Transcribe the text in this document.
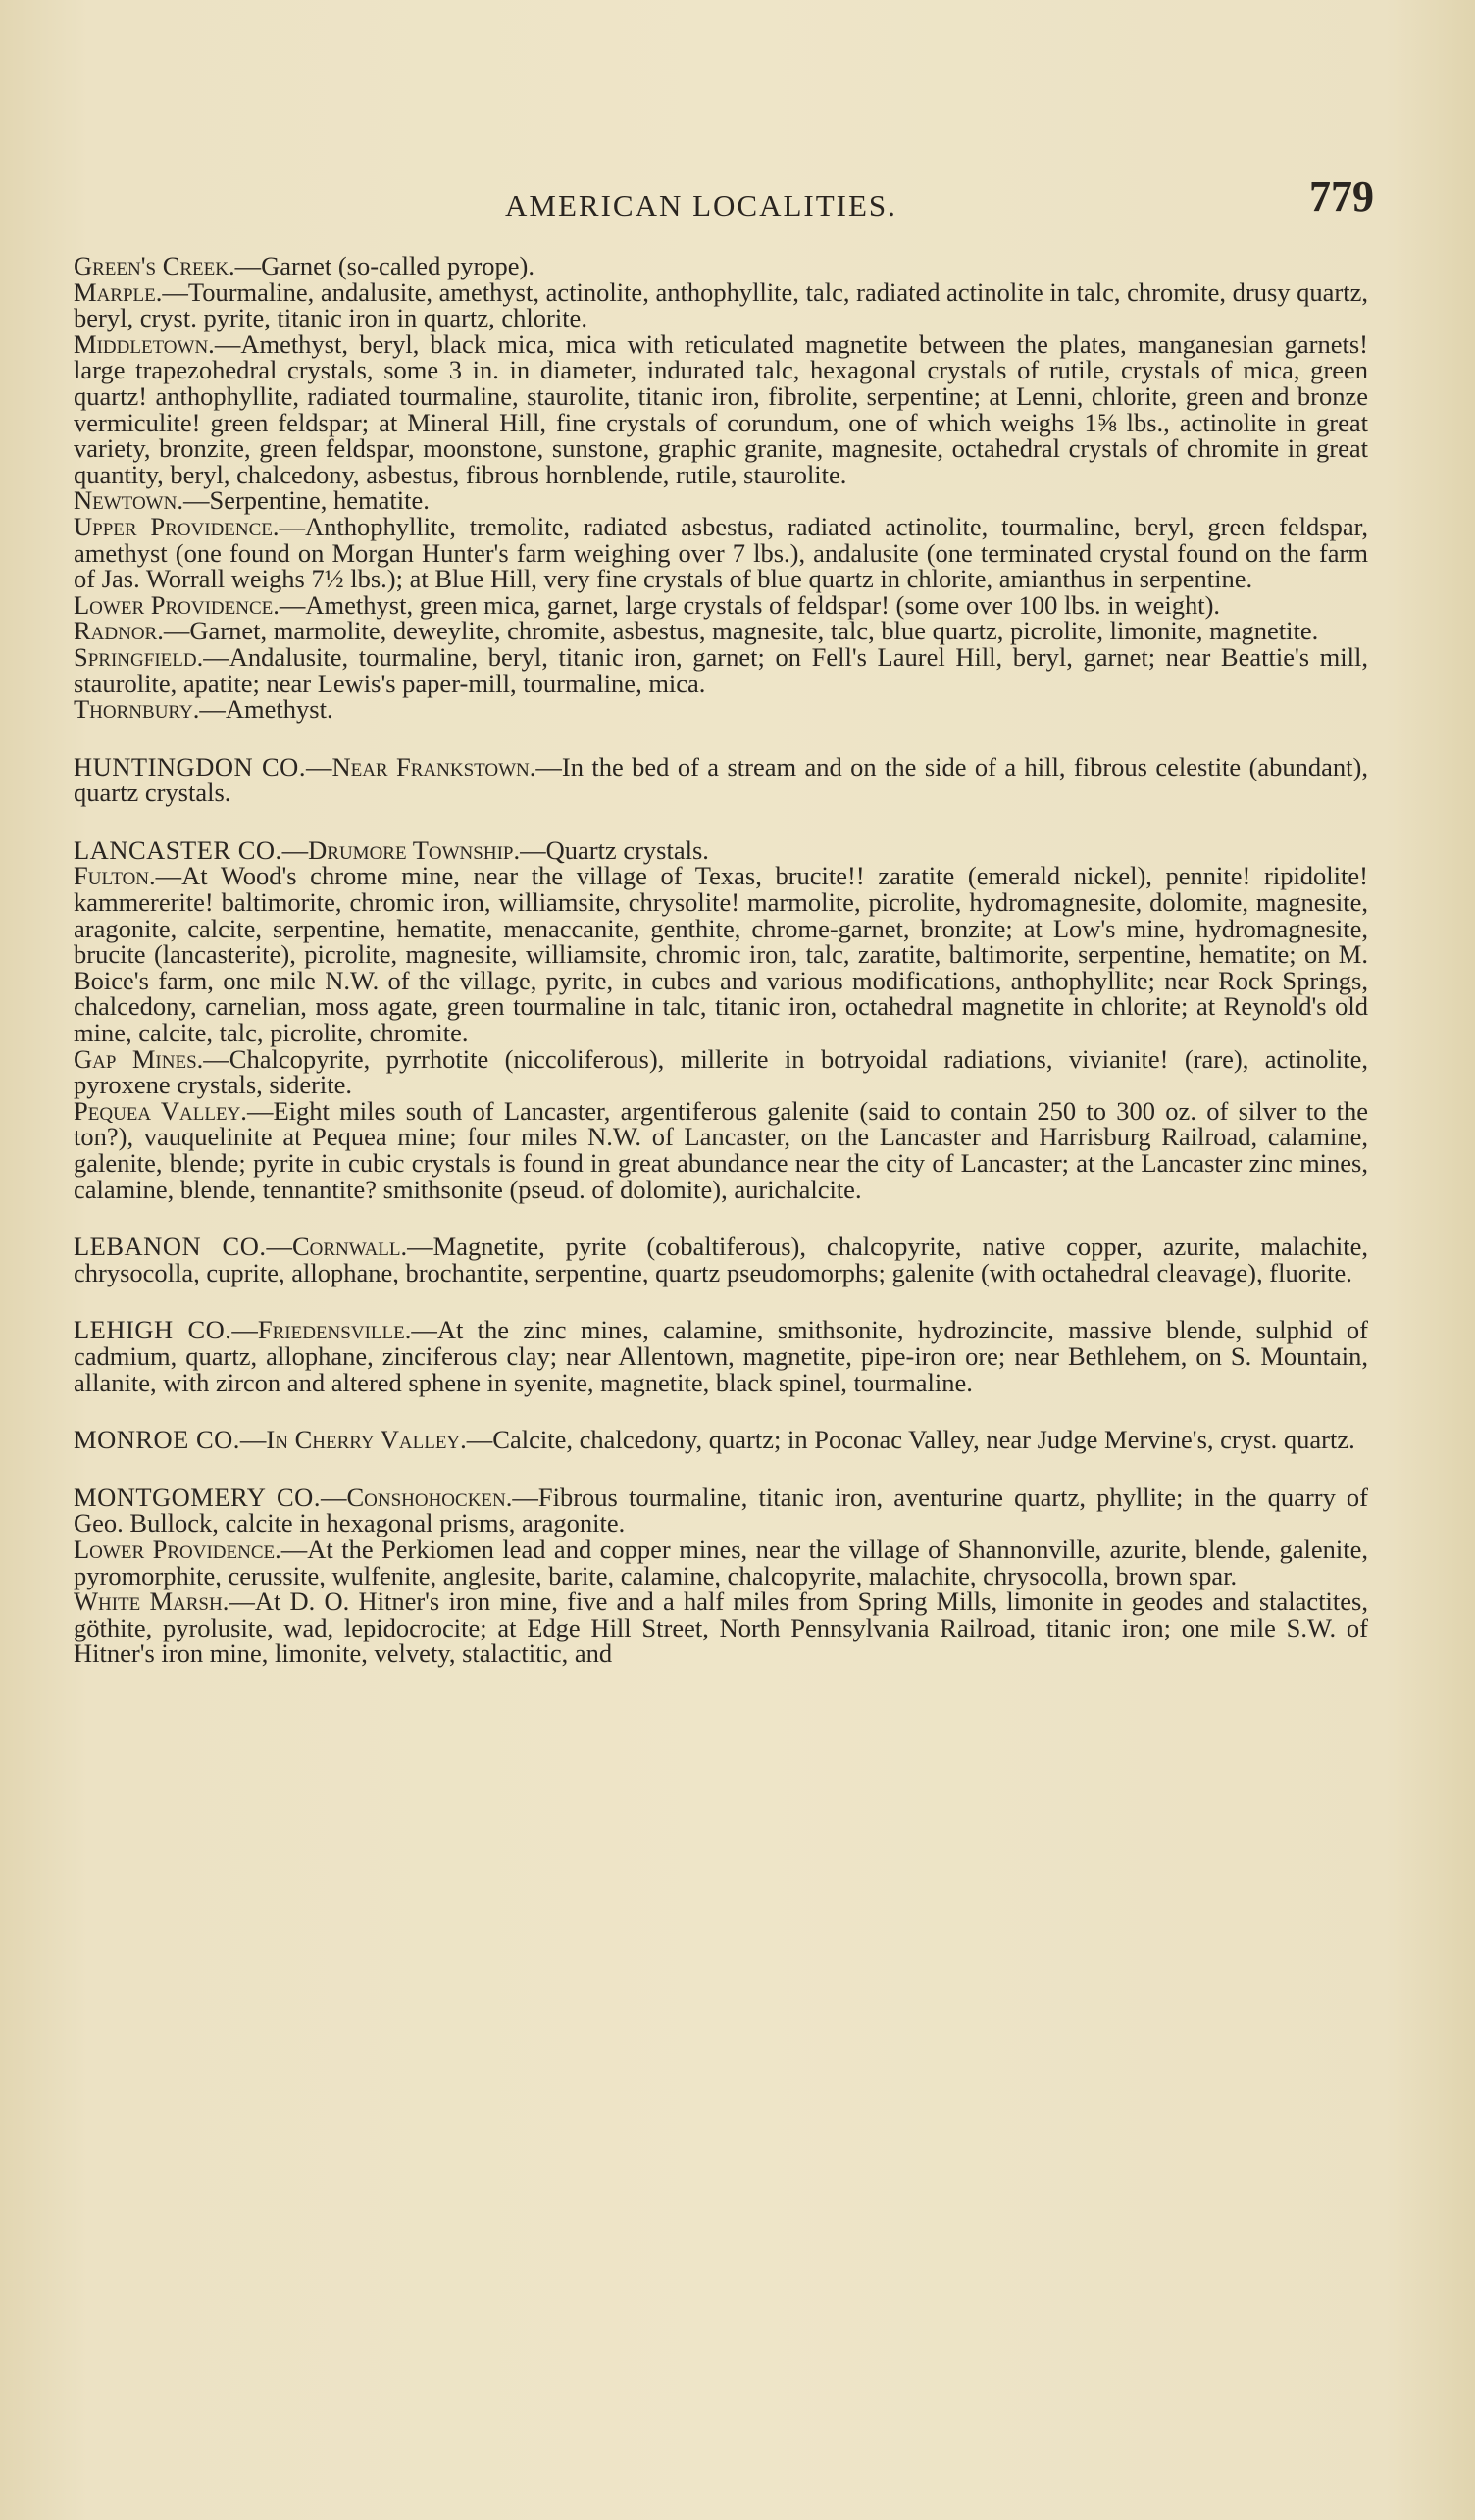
AMERICAN LOCALITIES.	779

Green's Creek.—Garnet (so-called pyrope).

Marple.—Tourmaline, andalusite, amethyst, actinolite, anthophyllite, talc, radiated actinolite in talc, chromite, drusy quartz, beryl, cryst. pyrite, titanic iron in quartz, chlorite.

Middletown.—Amethyst, beryl, black mica, mica with reticulated magnetite between the plates, manganesian garnets! large trapezohedral crystals, some 3 in. in diameter, indurated talc, hexagonal crystals of rutile, crystals of mica, green quartz! anthophyllite, radiated tourmaline, staurolite, titanic iron, fibrolite, serpentine; at Lenni, chlorite, green and bronze vermiculite! green feldspar; at Mineral Hill, fine crystals of corundum, one of which weighs 1⅝ lbs., actinolite in great variety, bronzite, green feldspar, moonstone, sunstone, graphic granite, magnesite, octahedral crystals of chromite in great quantity, beryl, chalcedony, asbestus, fibrous hornblende, rutile, staurolite.

Newtown.—Serpentine, hematite.

Upper Providence.—Anthophyllite, tremolite, radiated asbestus, radiated actinolite, tourmaline, beryl, green feldspar, amethyst (one found on Morgan Hunter's farm weighing over 7 lbs.), andalusite (one terminated crystal found on the farm of Jas. Worrall weighs 7½ lbs.); at Blue Hill, very fine crystals of blue quartz in chlorite, amianthus in serpentine.

Lower Providence.—Amethyst, green mica, garnet, large crystals of feldspar! (some over 100 lbs. in weight).

Radnor.—Garnet, marmolite, deweylite, chromite, asbestus, magnesite, talc, blue quartz, picrolite, limonite, magnetite.

Springfield.—Andalusite, tourmaline, beryl, titanic iron, garnet; on Fell's Laurel Hill, beryl, garnet; near Beattie's mill, staurolite, apatite; near Lewis's paper-mill, tourmaline, mica.

Thornbury.—Amethyst.

HUNTINGDON CO.—Near Frankstown.—In the bed of a stream and on the side of a hill, fibrous celestite (abundant), quartz crystals.

LANCASTER CO.—Drumore Township.—Quartz crystals.

Fulton.—At Wood's chrome mine, near the village of Texas, brucite!! zaratite (emerald nickel), pennite! ripidolite! kammererite! baltimorite, chromic iron, williamsite, chrysolite! marmolite, picrolite, hydromagnesite, dolomite, magnesite, aragonite, calcite, serpentine, hematite, menaccanite, genthite, chrome-garnet, bronzite; at Low's mine, hydromagnesite, brucite (lancasterite), picrolite, magnesite, williamsite, chromic iron, talc, zaratite, baltimorite, serpentine, hematite; on M. Boice's farm, one mile N.W. of the village, pyrite, in cubes and various modifications, anthophyllite; near Rock Springs, chalcedony, carnelian, moss agate, green tourmaline in talc, titanic iron, octahedral magnetite in chlorite; at Reynold's old mine, calcite, talc, picrolite, chromite.

Gap Mines.—Chalcopyrite, pyrrhotite (niccoliferous), millerite in botryoidal radiations, vivianite! (rare), actinolite, pyroxene crystals, siderite.

Pequea Valley.—Eight miles south of Lancaster, argentiferous galenite (said to contain 250 to 300 oz. of silver to the ton?), vauquelinite at Pequea mine; four miles N.W. of Lancaster, on the Lancaster and Harrisburg Railroad, calamine, galenite, blende; pyrite in cubic crystals is found in great abundance near the city of Lancaster; at the Lancaster zinc mines, calamine, blende, tennantite? smithsonite (pseud. of dolomite), aurichalcite.

LEBANON CO.—Cornwall.—Magnetite, pyrite (cobaltiferous), chalcopyrite, native copper, azurite, malachite, chrysocolla, cuprite, allophane, brochantite, serpentine, quartz pseudomorphs; galenite (with octahedral cleavage), fluorite.

LEHIGH CO.—Friedensville.—At the zinc mines, calamine, smithsonite, hydrozincite, massive blende, sulphid of cadmium, quartz, allophane, zinciferous clay; near Allentown, magnetite, pipe-iron ore; near Bethlehem, on S. Mountain, allanite, with zircon and altered sphene in syenite, magnetite, black spinel, tourmaline.

MONROE CO.—In Cherry Valley.—Calcite, chalcedony, quartz; in Poconac Valley, near Judge Mervine's, cryst. quartz.

MONTGOMERY CO.—Conshohocken.—Fibrous tourmaline, titanic iron, aventurine quartz, phyllite; in the quarry of Geo. Bullock, calcite in hexagonal prisms, aragonite.

Lower Providence.—At the Perkiomen lead and copper mines, near the village of Shannonville, azurite, blende, galenite, pyromorphite, cerussite, wulfenite, anglesite, barite, calamine, chalcopyrite, malachite, chrysocolla, brown spar.

White Marsh.—At D. O. Hitner's iron mine, five and a half miles from Spring Mills, limonite in geodes and stalactites, göthite, pyrolusite, wad, lepidocrocite; at Edge Hill Street, North Pennsylvania Railroad, titanic iron; one mile S.W. of Hitner's iron mine, limonite, velvety, stalactitic, and
